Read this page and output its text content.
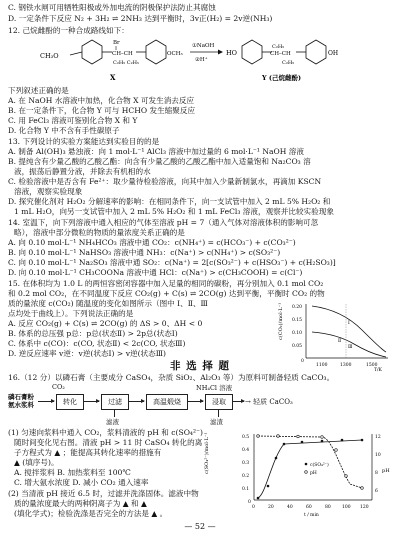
C. 钢铁水闸可用牺牲阳极或外加电流的阴极保护法防止其腐蚀
D. 一定条件下反应 N₂ + 3H₂ ⇌ 2NH₃ 达到平衡时，3v正(H₂) = 2v逆(NH₃)
12. 己烷雌酚的一种合成路线如下：
CH₃O
Br
CH–CH
C₂H₅ C₂H₅
OCH₃
X
①NaOH
②H⁺
HO
C₂H₅
CH–CH
C₂H₅
OH
Y (己烷雌酚)
下列叙述正确的是
A. 在 NaOH 水溶液中加热，化合物 X 可发生消去反应
B. 在一定条件下，化合物 Y 可与 HCHO 发生缩聚反应
C. 用 FeCl₃ 溶液可鉴别化合物 X 和 Y
D. 化合物 Y 中不含有手性碳原子
13. 下列设计的实验方案能达到实验目的的是
A. 制备 Al(OH)₃ 悬浊液：向 1 mol·L⁻¹ AlCl₃ 溶液中加过量的 6 mol·L⁻¹ NaOH 溶液
B. 提纯含有少量乙酸的乙酸乙酯：向含有少量乙酸的乙酸乙酯中加入适量饱和 Na₂CO₃ 溶
液，振荡后静置分液，并除去有机相的水
C. 检验溶液中是否含有 Fe²⁺：取少量待检验溶液，向其中加入少量新制氯水，再滴加 KSCN
溶液，观察实验现象
D. 探究催化剂对 H₂O₂ 分解速率的影响：在相同条件下，向一支试管中加入 2 mL 5% H₂O₂ 和
1 mL H₂O，向另一支试管中加入 2 mL 5% H₂O₂ 和 1 mL FeCl₃ 溶液，观察并比较实验现象
14. 室温下，向下列溶液中通入相应的气体至溶液 pH = 7（通入气体对溶液体积的影响可忽
略），溶液中部分微粒的物质的量浓度关系正确的是
A. 向 0.10 mol·L⁻¹ NH₄HCO₃ 溶液中通 CO₂：c(NH₄⁺) = c(HCO₃⁻) + c(CO₃²⁻)
B. 向 0.10 mol·L⁻¹ NaHSO₃ 溶液中通 NH₃：c(Na⁺) > c(NH₄⁺) > c(SO₃²⁻)
C. 向 0.10 mol·L⁻¹ Na₂SO₃ 溶液中通 SO₂：c(Na⁺) = 2[c(SO₃²⁻) + c(HSO₃⁻) + c(H₂SO₃)]
D. 向 0.10 mol·L⁻¹ CH₃COONa 溶液中通 HCl：c(Na⁺) > c(CH₃COOH) = c(Cl⁻)
15. 在体积均为 1.0 L 的两恒容密闭容器中加入足量的相同的碳粉，再分别加入 0.1 mol CO₂
和 0.2 mol CO₂，在不同温度下反应 CO₂(g) + C(s) ⇌ 2CO(g) 达到平衡，平衡时 CO₂ 的物
质的量浓度 c(CO₂) 随温度的变化如图所示（图中 Ⅰ、Ⅱ、Ⅲ
点均处于曲线上）。下列说法正确的是
A. 反应 CO₂(g) + C(s) ⇌ 2CO(g) 的 ΔS > 0、ΔH < 0
B. 体系的总压强 p总：p总(状态Ⅱ) > 2p总(状态Ⅰ)
C. 体系中 c(CO)：c(CO, 状态Ⅱ) < 2c(CO, 状态Ⅲ)
D. 逆反应速率 v逆：v逆(状态Ⅰ) > v逆(状态Ⅲ)
c(CO₂)/mol·L⁻¹ 0.20
0.15
0.10
0.05
0
Ⅰ
Ⅱ
Ⅲ
1100	1300	1500
T/K
非 选 择 题
16.（12 分）以磷石膏（主要成分 CaSO₄，杂质 SiO₂、Al₂O₃ 等）为原料可制备轻质 CaCO₃。
磷石膏粉
氨水浆料
CO₂
转化	过滤
滤液
高温煅烧
NH₄Cl 溶液
浸取
滤渣
→ 轻质 CaCO₃
(1) 匀速向浆料中通入 CO₂，浆料清液的 pH 和 c(SO₄²⁻)
随时间变化见右图。清液 pH > 11 时 CaSO₄ 转化的离
子方程式为 ▲ ；能提高其转化速率的措施有
▲ (填序号)。
A. 搅拌浆料 B. 加热浆料至 100℃
C. 增大氨水浓度 D. 减小 CO₂ 通入速率
(2) 当清液 pH 接近 6.5 时，过滤并洗涤固体。滤液中物
质的量浓度最大的两种阴离子为 ▲ 和 ▲
(填化学式)；检验洗涤是否完全的方法是 ▲ 。
c(SO₄²⁻)/mol·L⁻¹	0.5
0.4
0.3
0.2
0.1
0
12
10
8
6
pH
c(SO₄²⁻)
pH
0	20	40	60	80	100 120
t / min
— 52 —
